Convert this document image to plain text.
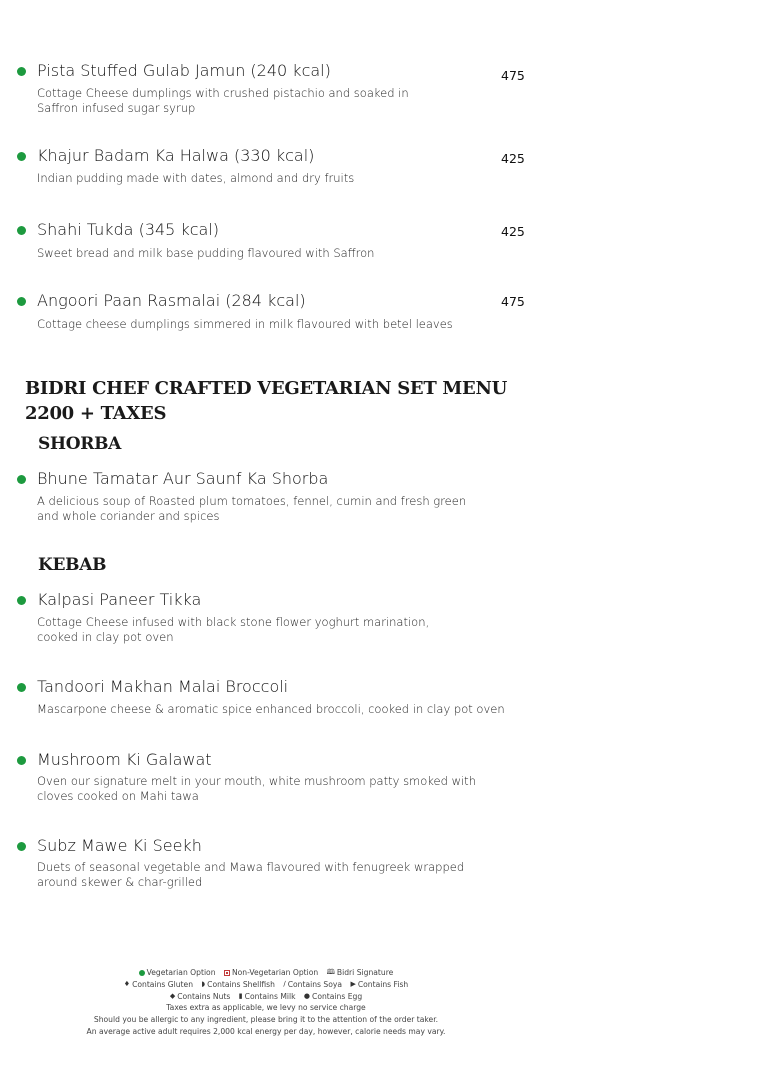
Pista Stuffed Gulab Jamun (240 kcal)	475
Cottage Cheese dumplings with crushed pistachio and soaked in
Saffron infused sugar syrup
Khajur Badam Ka Halwa (330 kcal)	425
Indian pudding made with dates, almond and dry fruits
Shahi Tukda (345 kcal)	425
Sweet bread and milk base pudding flavoured with Saffron
Angoori Paan Rasmalai (284 kcal)	475
Cottage cheese dumplings simmered in milk flavoured with betel leaves
BIDRI CHEF CRAFTED VEGETARIAN SET MENU
2200 + TAXES
SHORBA
Bhune Tamatar Aur Saunf Ka Shorba
A delicious soup of Roasted plum tomatoes, fennel, cumin and fresh green
and whole coriander and spices
KEBAB
Kalpasi Paneer Tikka
Cottage Cheese infused with black stone flower yoghurt marination,
cooked in clay pot oven
Tandoori Makhan Malai Broccoli
Mascarpone cheese & aromatic spice enhanced broccoli, cooked in clay pot oven
Mushroom Ki Galawat
Oven our signature melt in your mouth, white mushroom patty smoked with
cloves cooked on Mahi tawa
Subz Mawe Ki Seekh
Duets of seasonal vegetable and Mawa flavoured with fenugreek wrapped
around skewer & char-grilled
Vegetarian Option Non-Vegetarian Option 🕮 Bidri Signature
♦ Contains Gluten ◗ Contains Shellfish ∕ Contains Soya ▶ Contains Fish
◆ Contains Nuts ▮ Contains Milk ● Contains Egg
Taxes extra as applicable, we levy no service charge
Should you be allergic to any ingredient, please bring it to the attention of the order taker.
An average active adult requires 2,000 kcal energy per day, however, calorie needs may vary.
